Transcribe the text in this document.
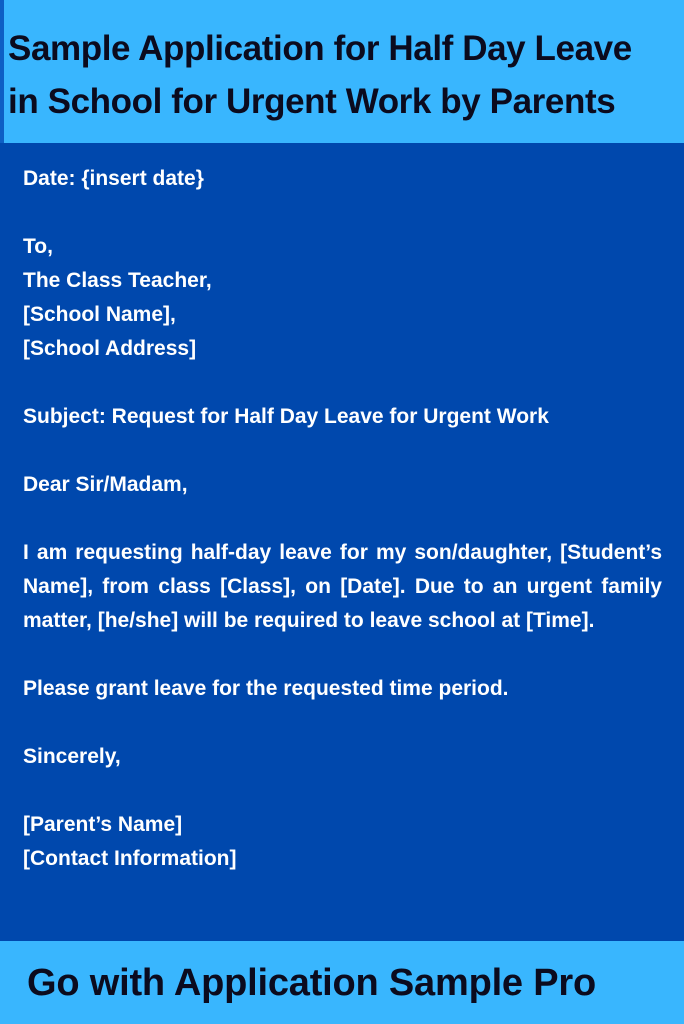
Sample Application for Half Day Leave
in School for Urgent Work by Parents
Date: {insert date}
To,
The Class Teacher,
[School Name],
[School Address]
Subject: Request for Half Day Leave for Urgent Work
Dear Sir/Madam,
I am requesting half-day leave for my son/daughter, [Student’s Name], from class [Class], on [Date]. Due to an urgent family matter, [he/she] will be required to leave school at [Time].
Please grant leave for the requested time period.
Sincerely,
[Parent’s Name]
[Contact Information]

Go with Application Sample Pro
